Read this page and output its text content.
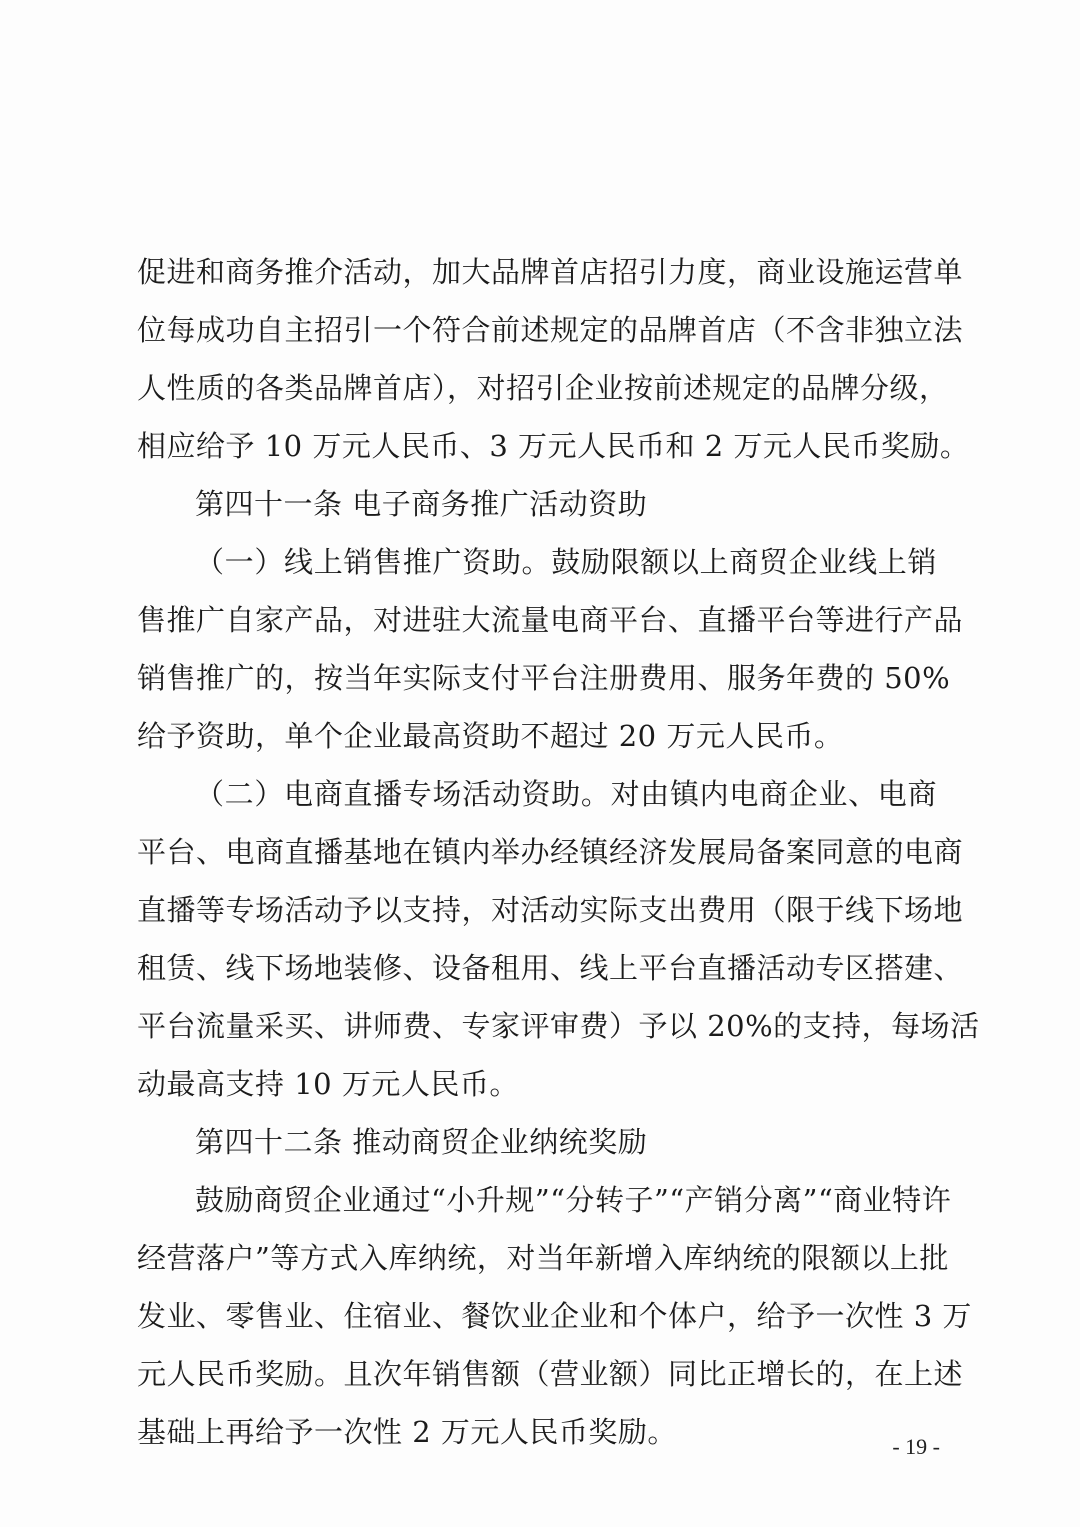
促进和商务推介活动，加大品牌首店招引力度，商业设施运营单
位每成功自主招引一个符合前述规定的品牌首店（不含非独立法
人性质的各类品牌首店），对招引企业按前述规定的品牌分级，
相应给予 10 万元人民币、3 万元人民币和 2 万元人民币奖励。
第四十一条 电子商务推广活动资助
（一）线上销售推广资助。鼓励限额以上商贸企业线上销
售推广自家产品，对进驻大流量电商平台、直播平台等进行产品
销售推广的，按当年实际支付平台注册费用、服务年费的 50%
给予资助，单个企业最高资助不超过 20 万元人民币。
（二）电商直播专场活动资助。对由镇内电商企业、电商
平台、电商直播基地在镇内举办经镇经济发展局备案同意的电商
直播等专场活动予以支持，对活动实际支出费用（限于线下场地
租赁、线下场地装修、设备租用、线上平台直播活动专区搭建、
平台流量采买、讲师费、专家评审费）予以 20%的支持，每场活
动最高支持 10 万元人民币。
第四十二条 推动商贸企业纳统奖励
鼓励商贸企业通过“小升规”“分转子”“产销分离”“商业特许
经营落户”等方式入库纳统，对当年新增入库纳统的限额以上批
发业、零售业、住宿业、餐饮业企业和个体户，给予一次性 3 万
元人民币奖励。且次年销售额（营业额）同比正增长的，在上述
基础上再给予一次性 2 万元人民币奖励。	- 19 -
